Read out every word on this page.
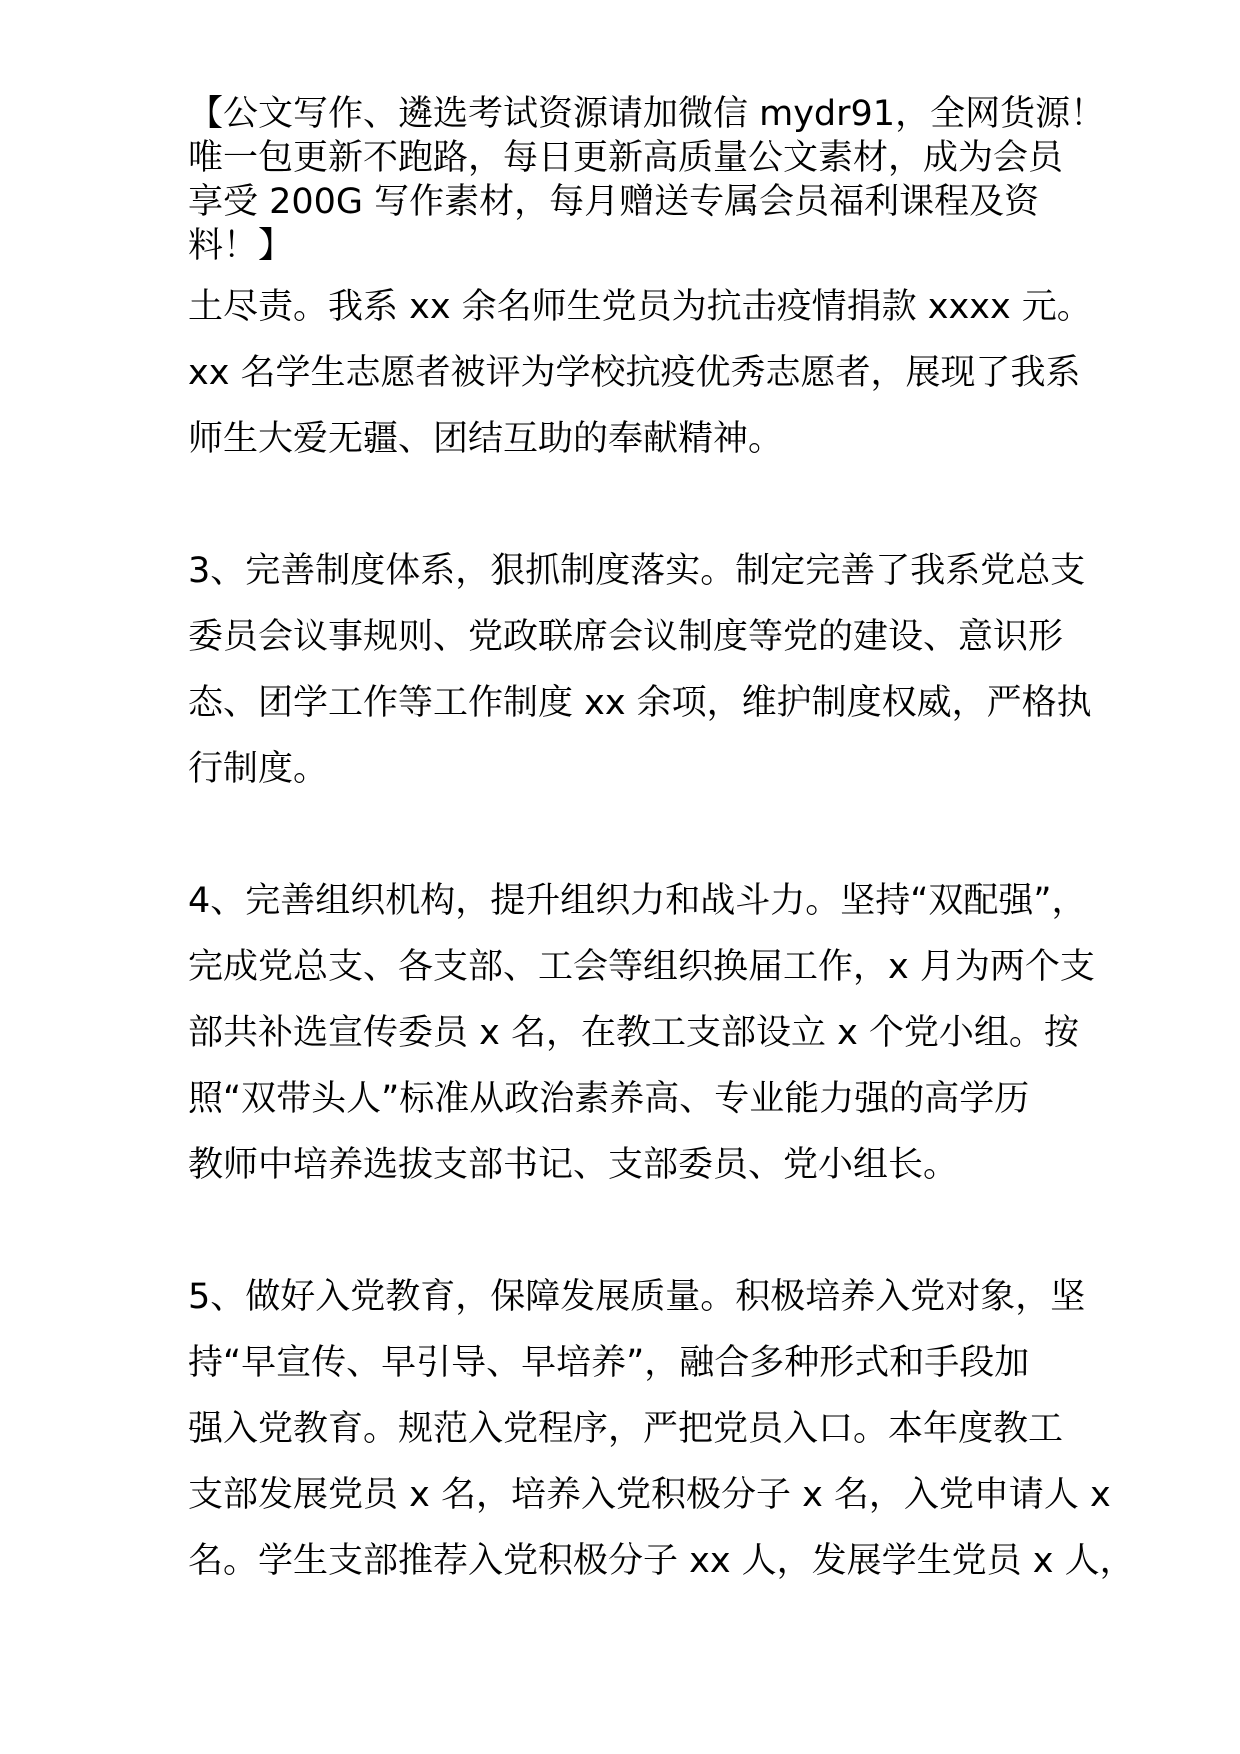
【公文写作、遴选考试资源请加微信 mydr91，全网货源！
唯一包更新不跑路，每日更新高质量公文素材，成为会员
享受 200G 写作素材，每月赠送专属会员福利课程及资
料！】

土尽责。我系 xx 余名师生党员为抗击疫情捐款 xxxx 元。
xx 名学生志愿者被评为学校抗疫优秀志愿者，展现了我系
师生大爱无疆、团结互助的奉献精神。

3、完善制度体系，狠抓制度落实。制定完善了我系党总支
委员会议事规则、党政联席会议制度等党的建设、意识形
态、团学工作等工作制度 xx 余项，维护制度权威，严格执
行制度。

4、完善组织机构，提升组织力和战斗力。坚持“双配强”，
完成党总支、各支部、工会等组织换届工作，x 月为两个支
部共补选宣传委员 x 名，在教工支部设立 x 个党小组。按
照“双带头人”标准从政治素养高、专业能力强的高学历
教师中培养选拔支部书记、支部委员、党小组长。

5、做好入党教育，保障发展质量。积极培养入党对象，坚
持“早宣传、早引导、早培养”，融合多种形式和手段加
强入党教育。规范入党程序，严把党员入口。本年度教工
支部发展党员 x 名，培养入党积极分子 x 名，入党申请人 x
名。学生支部推荐入党积极分子 xx 人，发展学生党员 x 人，
